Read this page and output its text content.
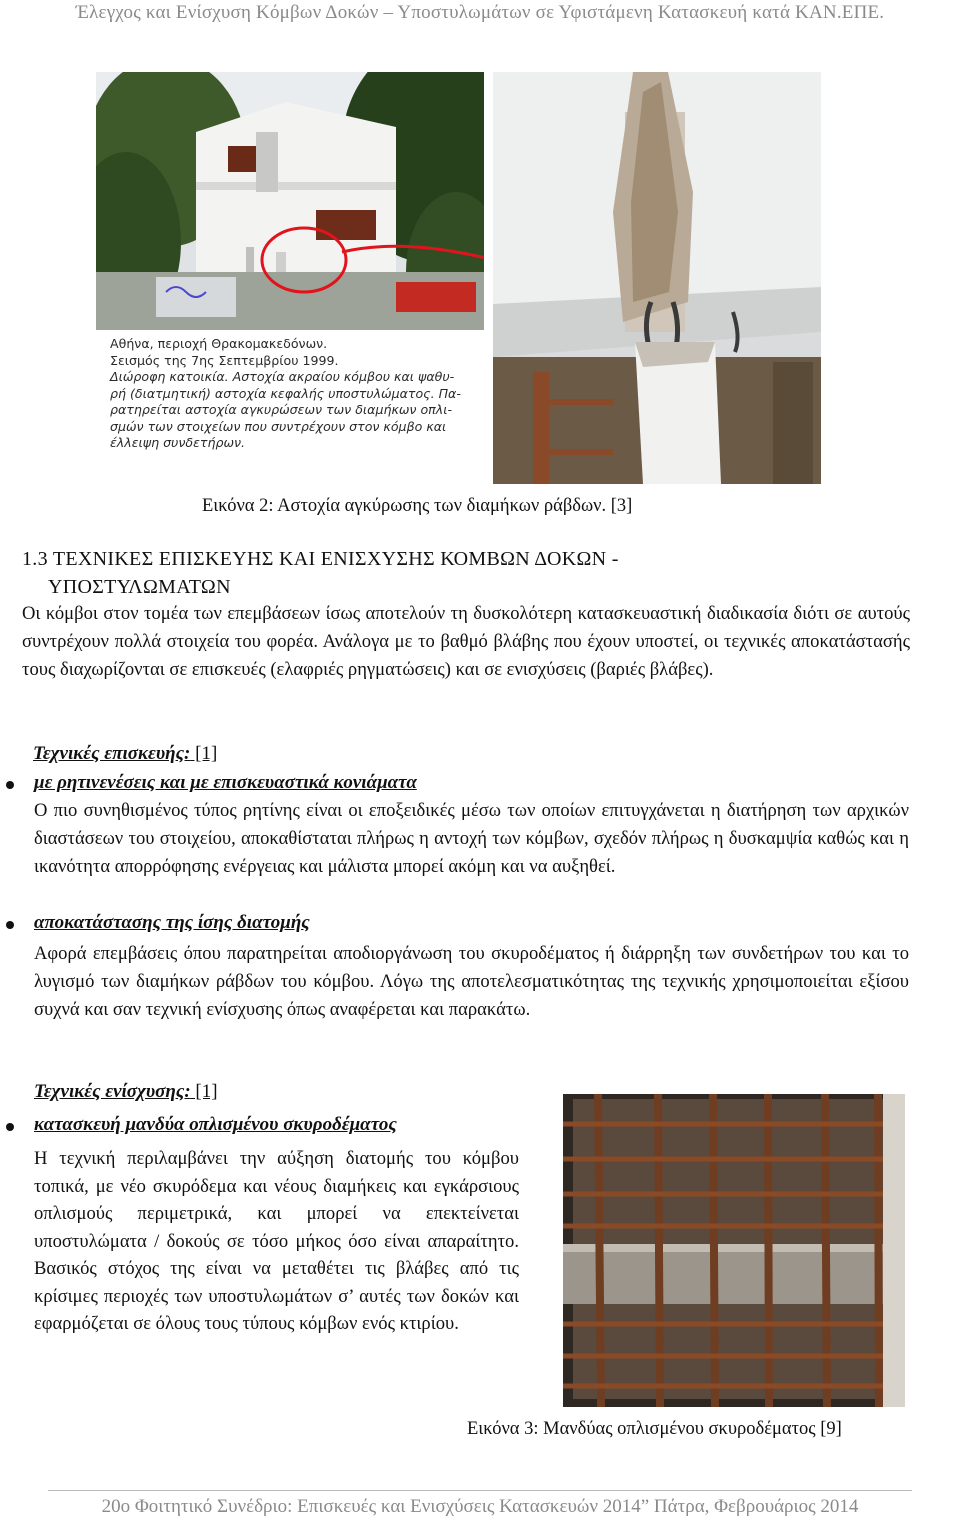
Έλεγχος και Ενίσχυση Κόμβων Δοκών – Υποστυλωμάτων σε Υφιστάμενη Κατασκευή κατά ΚΑΝ.ΕΠΕ.
Αθήνα, περιοχή Θρακομακεδόνων.
Σεισμός της 7ης Σεπτεμβρίου 1999.
Διώροφη κατοικία. Αστοχία ακραίου κόμβου και ψαθυ-
ρή (διατμητική) αστοχία κεφαλής υποστυλώματος. Πα-
ρατηρείται αστοχία αγκυρώσεων των διαμήκων οπλι-
σμών των στοιχείων που συντρέχουν στον κόμβο και
έλλειψη συνδετήρων.
Εικόνα 2: Αστοχία αγκύρωσης των διαμήκων ράβδων. [3]
1.3 ΤΕΧΝΙΚΕΣ ΕΠΙΣΚΕΥΗΣ ΚΑΙ ΕΝΙΣΧΥΣΗΣ ΚΟΜΒΩΝ ΔΟΚΩΝ -
ΥΠΟΣΤΥΛΩΜΑΤΩΝ
Οι κόμβοι στον τομέα των επεμβάσεων ίσως αποτελούν τη δυσκολότερη κατασκευαστική διαδικασία διότι σε αυτούς συντρέχουν πολλά στοιχεία του φορέα. Ανάλογα με το βαθμό βλάβης που έχουν υποστεί, οι τεχνικές αποκατάστασής τους διαχωρίζονται σε επισκευές (ελαφριές ρηγματώσεις) και σε ενισχύσεις (βαριές βλάβες).
Τεχνικές επισκευής: [1]
με ρητινενέσεις και με επισκευαστικά κονιάματα
Ο πιο συνηθισμένος τύπος ρητίνης είναι οι εποξειδικές μέσω των οποίων επιτυγχάνεται η διατήρηση των αρχικών διαστάσεων του στοιχείου, αποκαθίσταται πλήρως η αντοχή των κόμβων, σχεδόν πλήρως η δυσκαμψία καθώς και η ικανότητα απορρόφησης ενέργειας και μάλιστα μπορεί ακόμη και να αυξηθεί.
αποκατάστασης της ίσης διατομής
Αφορά επεμβάσεις όπου παρατηρείται αποδιοργάνωση του σκυροδέματος ή διάρρηξη των συνδετήρων του και το λυγισμό των διαμήκων ράβδων του κόμβου. Λόγω της αποτελεσματικότητας της τεχνικής χρησιμοποιείται εξίσου συχνά και σαν τεχνική ενίσχυσης όπως αναφέρεται και παρακάτω.
Τεχνικές ενίσχυσης: [1]
κατασκευή μανδύα οπλισμένου σκυροδέματος
Η τεχνική περιλαμβάνει την αύξηση διατομής του κόμβου τοπικά, με νέο σκυρόδεμα και νέους διαμήκεις και εγκάρσιους οπλισμούς περιμετρικά, και μπορεί να επεκτείνεται υποστυλώματα / δοκούς σε τόσο μήκος όσο είναι απαραίτητο. Βασικός στόχος της είναι να μεταθέτει τις βλάβες από τις κρίσιμες περιοχές των υποστυλωμάτων σ’ αυτές των δοκών και εφαρμόζεται σε όλους τους τύπους κόμβων ενός κτιρίου.
Εικόνα 3: Μανδύας οπλισμένου σκυροδέματος [9]
20ο Φοιτητικό Συνέδριο: Επισκευές και Ενισχύσεις Κατασκευών 2014” Πάτρα, Φεβρουάριος 2014
